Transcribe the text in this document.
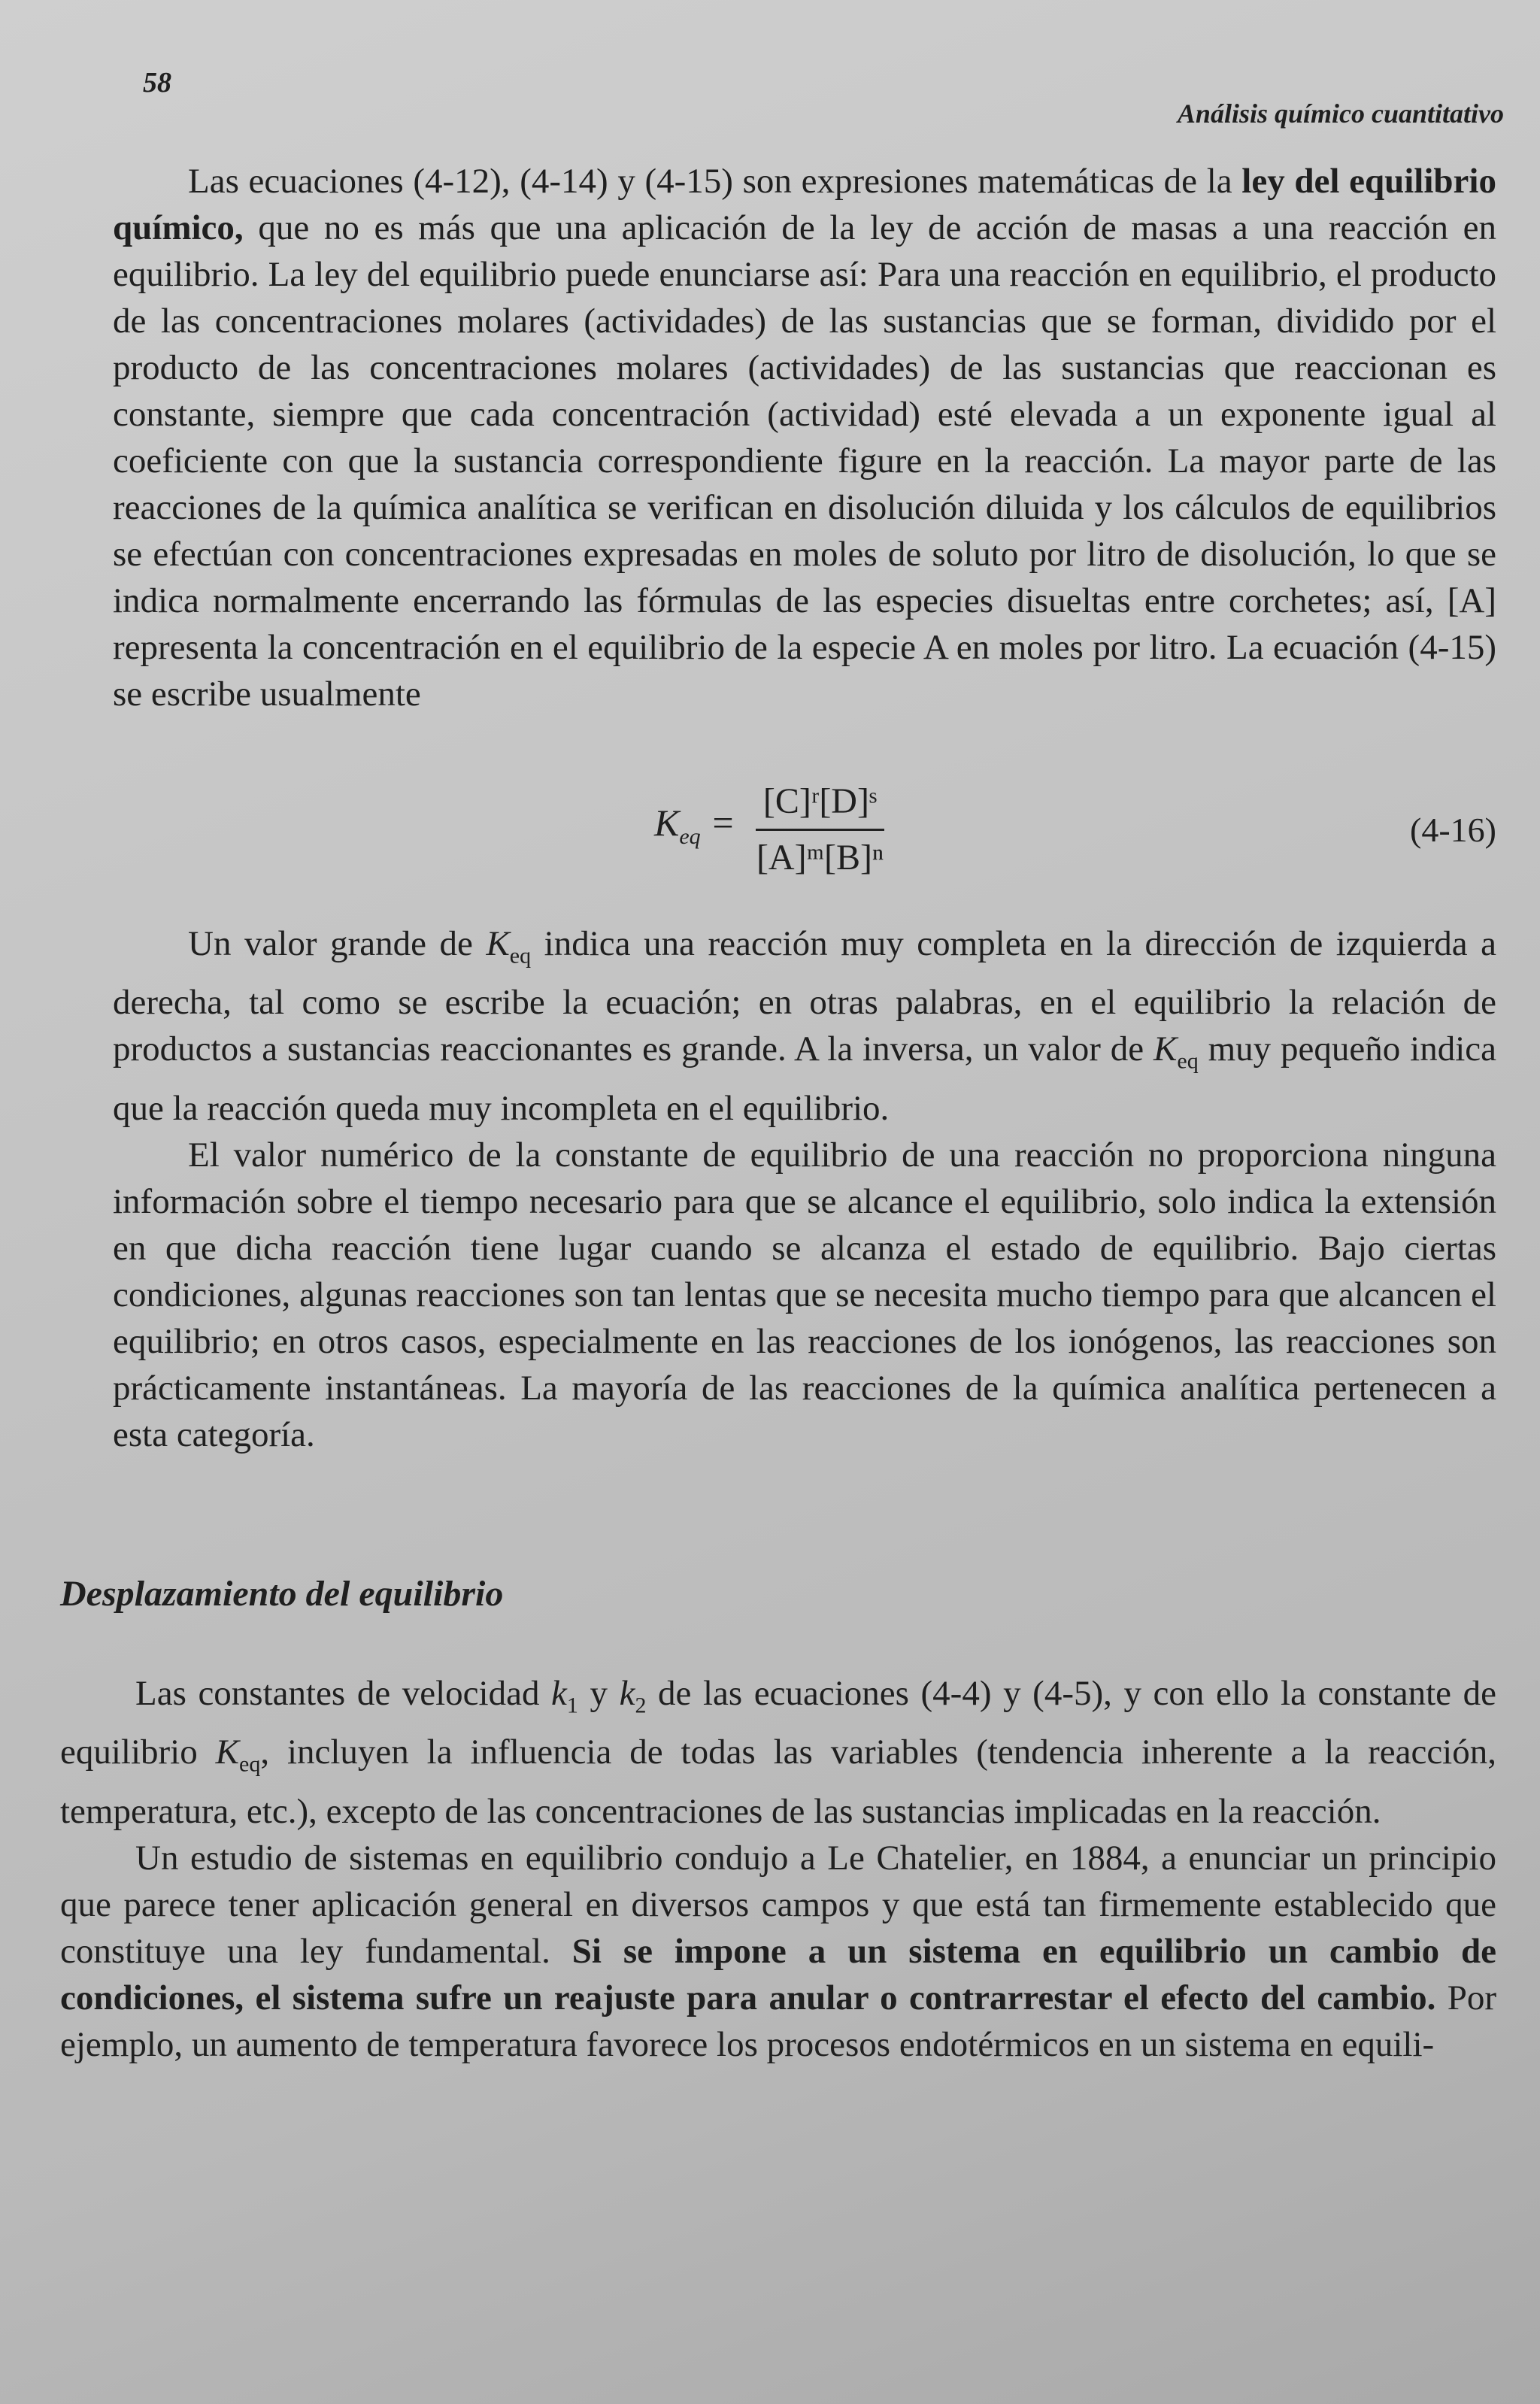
58
Análisis químico cuantitativo

Las ecuaciones (4-12), (4-14) y (4-15) son expresiones matemáticas de la ley del equilibrio químico, que no es más que una aplicación de la ley de acción de masas a una reacción en equilibrio. La ley del equilibrio puede enunciarse así: Para una reacción en equilibrio, el producto de las concentraciones molares (actividades) de las sustancias que se forman, dividido por el producto de las concentraciones molares (actividades) de las sustancias que reaccionan es constante, siempre que cada concentración (actividad) esté elevada a un exponente igual al coeficiente con que la sustancia correspondiente figure en la reacción. La mayor parte de las reacciones de la química analítica se verifican en disolución diluida y los cálculos de equilibrios se efectúan con concentraciones expresadas en moles de soluto por litro de disolución, lo que se indica normalmente encerrando las fórmulas de las especies disueltas entre corchetes; así, [A] representa la concentración en el equilibrio de la especie A en moles por litro. La ecuación (4-15) se escribe usualmente

$K_{eq} = \frac{\text{[C]ʳ[D]ˢ}}{\text{[A]ᵐ[B]ⁿ}}$	(4-16)

Un valor grande de $K_{eq}$ indica una reacción muy completa en la dirección de izquierda a derecha, tal como se escribe la ecuación; en otras palabras, en el equilibrio la relación de productos a sustancias reaccionantes es grande. A la inversa, un valor de $K_{eq}$ muy pequeño indica que la reacción queda muy incompleta en el equilibrio.

El valor numérico de la constante de equilibrio de una reacción no proporciona ninguna información sobre el tiempo necesario para que se alcance el equilibrio, solo indica la extensión en que dicha reacción tiene lugar cuando se alcanza el estado de equilibrio. Bajo ciertas condiciones, algunas reacciones son tan lentas que se necesita mucho tiempo para que alcancen el equilibrio; en otros casos, especialmente en las reacciones de los ionógenos, las reacciones son prácticamente instantáneas. La mayoría de las reacciones de la química analítica pertenecen a esta categoría.

Desplazamiento del equilibrio

Las constantes de velocidad $k_1$ y $k_2$ de las ecuaciones (4-4) y (4-5), y con ello la constante de equilibrio $K_{eq}$, incluyen la influencia de todas las variables (tendencia inherente a la reacción, temperatura, etc.), excepto de las concentraciones de las sustancias implicadas en la reacción.

Un estudio de sistemas en equilibrio condujo a Le Chatelier, en 1884, a enunciar un principio que parece tener aplicación general en diversos campos y que está tan firmemente establecido que constituye una ley fundamental. Si se impone a un sistema en equilibrio un cambio de condiciones, el sistema sufre un reajuste para anular o contrarrestar el efecto del cambio. Por ejemplo, un aumento de temperatura favorece los procesos endotérmicos en un sistema en equili-
